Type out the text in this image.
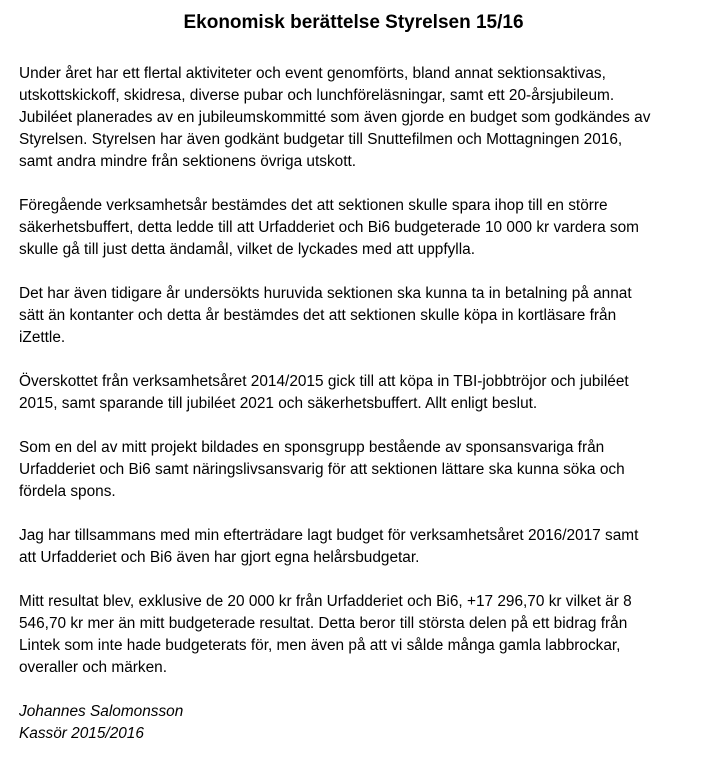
Ekonomisk berättelse Styrelsen 15/16

Under året har ett flertal aktiviteter och event genomförts, bland annat sektionsaktivas,
utskottskickoff, skidresa, diverse pubar och lunchföreläsningar, samt ett 20-årsjubileum.
Jubiléet planerades av en jubileumskommitté som även gjorde en budget som godkändes av
Styrelsen. Styrelsen har även godkänt budgetar till Snuttefilmen och Mottagningen 2016,
samt andra mindre från sektionens övriga utskott.

Föregående verksamhetsår bestämdes det att sektionen skulle spara ihop till en större
säkerhetsbuffert, detta ledde till att Urfadderiet och Bi6 budgeterade 10 000 kr vardera som
skulle gå till just detta ändamål, vilket de lyckades med att uppfylla.

Det har även tidigare år undersökts huruvida sektionen ska kunna ta in betalning på annat
sätt än kontanter och detta år bestämdes det att sektionen skulle köpa in kortläsare från
iZettle.

Överskottet från verksamhetsåret 2014/2015 gick till att köpa in TBI-jobbtröjor och jubiléet
2015, samt sparande till jubiléet 2021 och säkerhetsbuffert. Allt enligt beslut.

Som en del av mitt projekt bildades en sponsgrupp bestående av sponsansvariga från
Urfadderiet och Bi6 samt näringslivsansvarig för att sektionen lättare ska kunna söka och
fördela spons.

Jag har tillsammans med min efterträdare lagt budget för verksamhetsåret 2016/2017 samt
att Urfadderiet och Bi6 även har gjort egna helårsbudgetar.

Mitt resultat blev, exklusive de 20 000 kr från Urfadderiet och Bi6, +17 296,70 kr vilket är 8
546,70 kr mer än mitt budgeterade resultat. Detta beror till största delen på ett bidrag från
Lintek som inte hade budgeterats för, men även på att vi sålde många gamla labbrockar,
overaller och märken.

Johannes Salomonsson
Kassör 2015/2016
